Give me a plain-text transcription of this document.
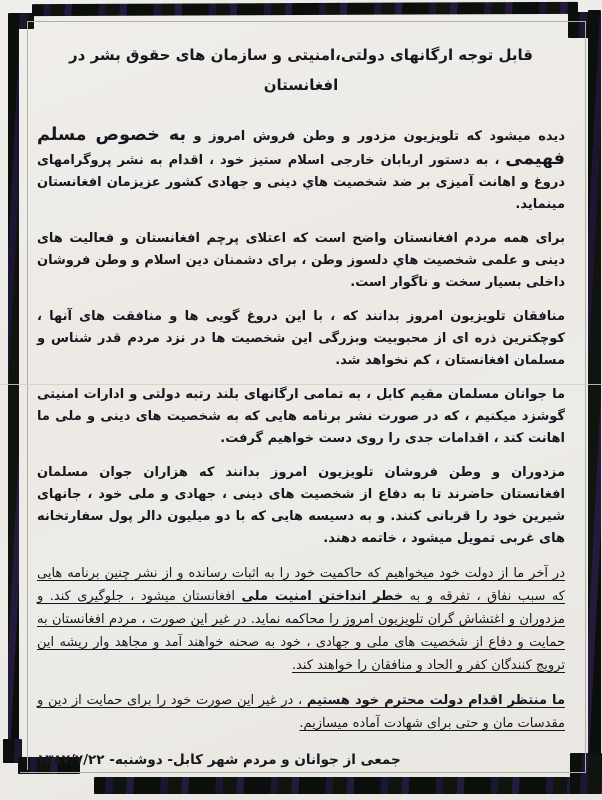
قابل توجه ارگانهای دولتی،امنیتی و سازمان های حقوق بشر در افغانستان

دیده میشود که تلویزیون مزدور و وطن فروش امروز و به خصوص مسلم فهیمی ، به دستور اربابان خارجی اسلام ستیز خود ، اقدام به نشر پروگرامهای دروغ و اهانت آمیزی بر ضد شخصیت هاي دینی و جهادی کشور عزیزمان افغانستان مینماید.

برای همه مردم افغانستان واضح است که اعتلای پرچم افغانستان و فعالیت های دینی و علمی شخصیت هاي دلسوز وطن ، برای دشمنان دین اسلام و وطن فروشان داخلی بسیار سخت و ناگوار است.

منافقان تلویزیون امروز بدانند که ، با این دروغ گویی ها و منافقت های آنها ، کوچکترین ذره ای از محبوبیت وبزرگی این شخصیت ها در نزد مردم قدر شناس و مسلمان افغانستان ، کم نخواهد شد.

ما جوانان مسلمان مقیم کابل ، به تمامی ارگانهای بلند رتبه دولتی و ادارات امنیتی گوشزد میکنیم ، که در صورت نشر برنامه هایی که به شخصیت های دینی و ملی ما اهانت کند ، اقدامات جدی را روی دست خواهیم گرفت.

مزدوران و وطن فروشان تلویزیون امروز بدانند که هزاران جوان مسلمان افغانستان حاضرند تا به دفاع از شخصیت های دینی ، جهادی و ملی خود ، جانهای شیرین خود را قربانی کنند. و به دسیسه هایی که با دو میلیون دالر پول سفارتخانه های غربی تمویل میشود ، خاتمه دهند.

در آخر ما از دولت خود میخواهیم که حاکمیت خود را به اثبات رسانده و از نشر چنین برنامه هایی که سبب نفاق ، تفرقه و به خطر انداختن امنیت ملی افغانستان میشود ، جلوگیری کند. و مزدوران و اغتشاش گران تلویزیون امروز را محاکمه نماید. در غیر این صورت ، مردم افغانستان به حمایت و دفاع از شخصیت های ملی و جهادی ، خود به صحنه خواهند آمد و مجاهد وار ریشه این ترویج کنندگان کفر و الحاد و منافقان را خواهند کند.

ما منتظر اقدام دولت محترم خود هستیم ، در غیر این صورت خود را برای حمایت از دین و مقدسات مان و حتی برای شهادت آماده میسازیم.

جمعی از جوانان و مردم شهر کابل- دوشنبه- ۱۳۸۷/۷/۲۲
